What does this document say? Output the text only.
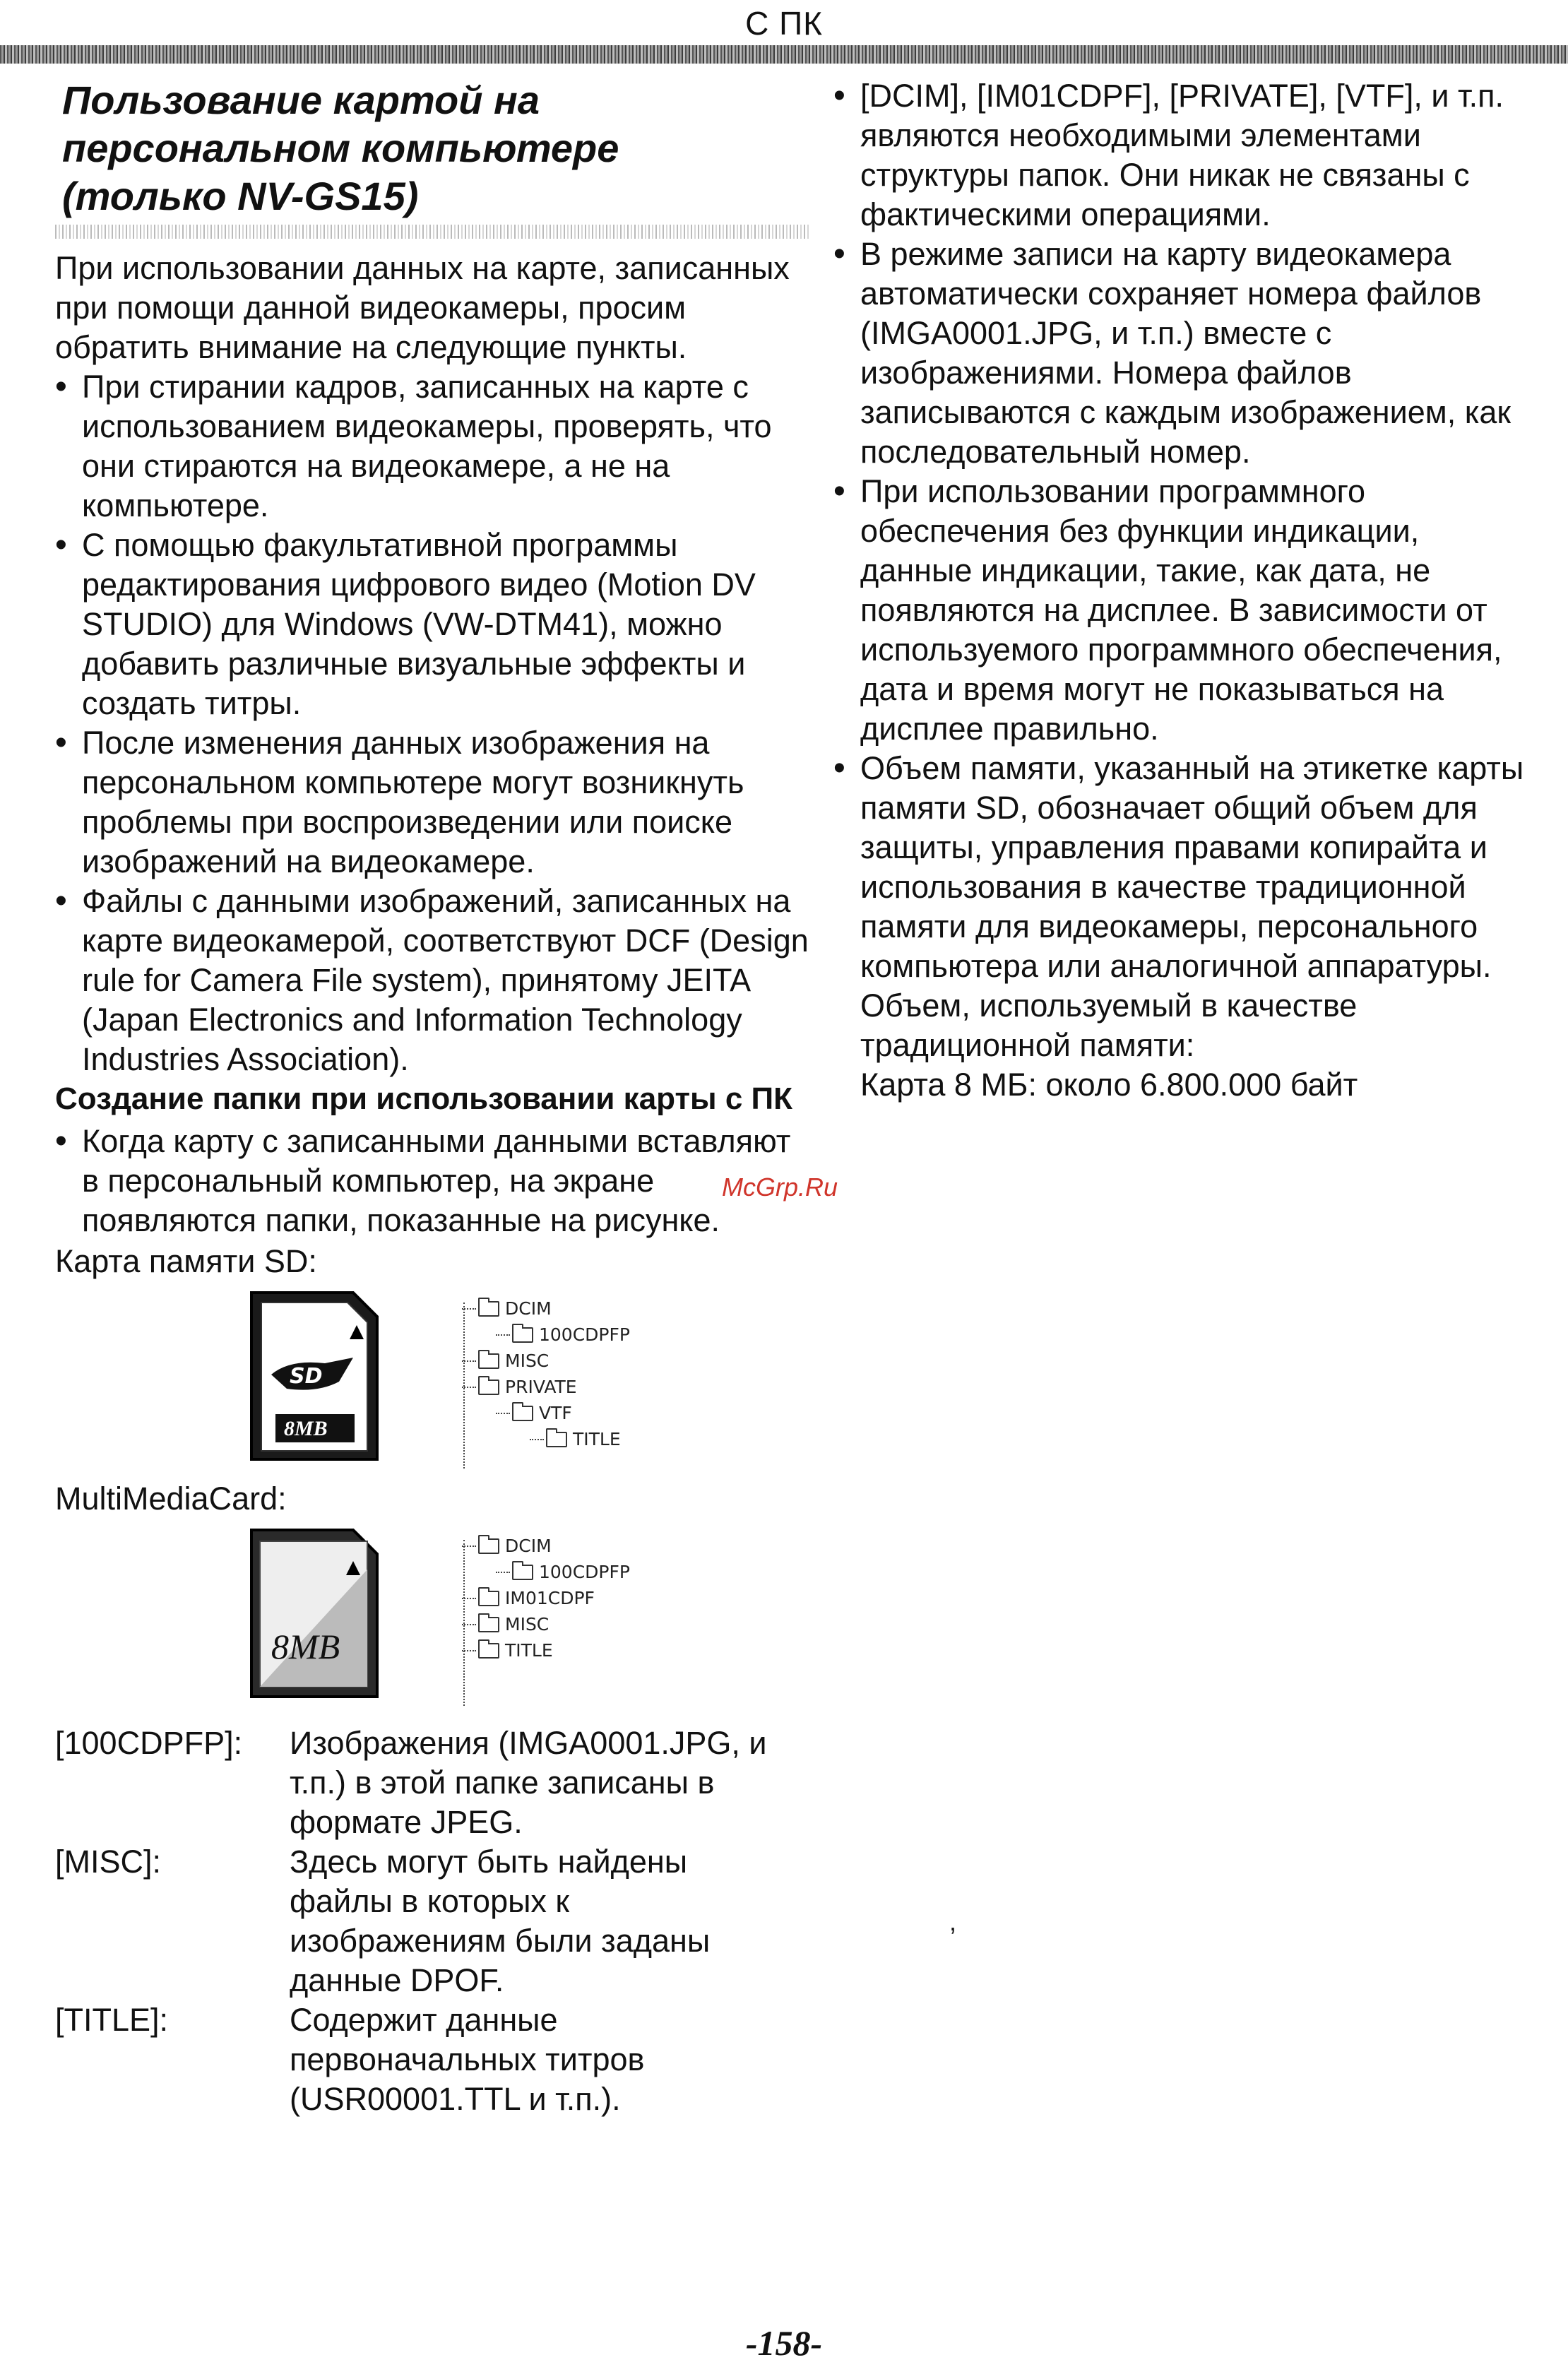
С ПК
Пользование картой на
персональном компьютере
(только NV-GS15)

При использовании данных на карте, записанных при помощи данной видеокамеры, просим обратить внимание на следующие пункты.

• При стирании кадров, записанных на карте с использованием видеокамеры, проверять, что они стираются на видеокамере, а не на компьютере.

• С помощью факультативной программы редактирования цифрового видео (Motion DV STUDIO) для Windows (VW-DTM41), можно добавить различные визуальные эффекты и создать титры.

• После изменения данных изображения на персональном компьютере могут возникнуть проблемы при воспроизведении или поиске изображений на видеокамере.

• Файлы с данными изображений, записанных на карте видеокамерой, соответствуют DCF (Design rule for Camera File system), принятому JEITA (Japan Electronics and Information Technology Industries Association).

Создание папки при использовании карты с ПК

• Когда карту с записанными данными вставляют в персональный компьютер, на экране появляются папки, показанные на рисунке.

Карта памяти SD:

SD
8MB
DCIM
100CDPFP
MISC
PRIVATE
VTF
TITLE

MultiMediaCard:

8MB
DCIM
100CDPFP
IM01CDPF
MISC
TITLE
[100CDPFP]:	Изображения (IMGA0001.JPG, и т.п.) в этой папке записаны в формате JPEG.
[MISC]:	Здесь могут быть найдены файлы в которых к изображениям были заданы данные DPOF.
[TITLE]:	Содержит данные первоначальных титров (USR00001.TTL и т.п.).

• [DCIM], [IM01CDPF], [PRIVATE], [VTF], и т.п. являются необходимыми элементами структуры папок. Они никак не связаны с фактическими операциями.

• В режиме записи на карту видеокамера автоматически сохраняет номера файлов (IMGA0001.JPG, и т.п.) вместе с изображениями. Номера файлов записываются с каждым изображением, как последовательный номер.

• При использовании программного обеспечения без функции индикации, данные индикации, такие, как дата, не появляются на дисплее. В зависимости от используемого программного обеспечения, дата и время могут не показываться на дисплее правильно.

• Объем памяти, указанный на этикетке карты памяти SD, обозначает общий объем для защиты, управления правами копирайта и использования в качестве традиционной памяти для видеокамеры, персонального компьютера или аналогичной аппаратуры. Объем, используемый в качестве традиционной памяти:

Карта 8 МБ: около 6.800.000 байт

McGrp.Ru
,
-158-
